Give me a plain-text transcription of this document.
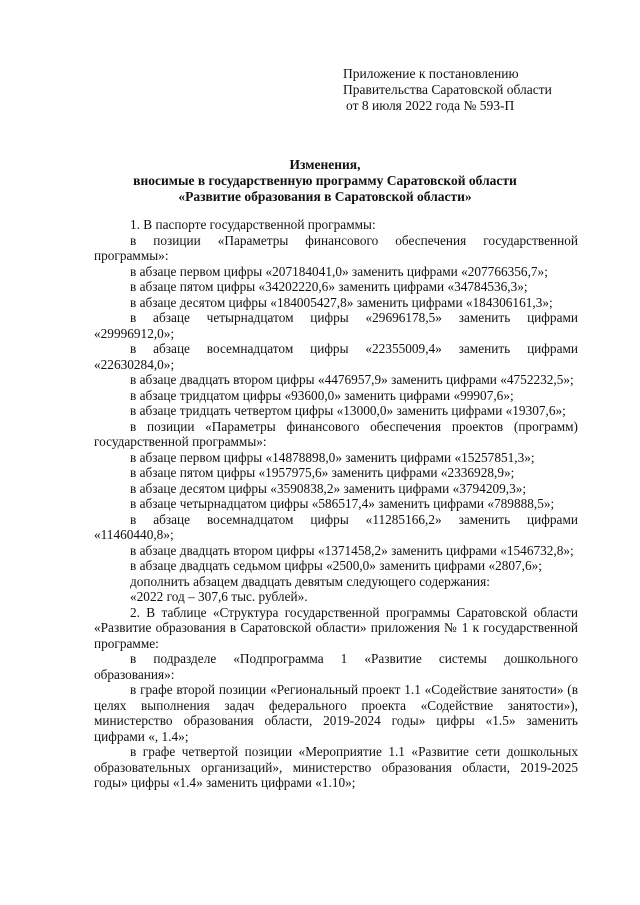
Приложение к постановлению
Правительства Саратовской области
от 8 июля 2022 года № 593-П
Изменения,
вносимые в государственную программу Саратовской области
«Развитие образования в Саратовской области»

1. В паспорте государственной программы:

в позиции «Параметры финансового обеспечения государственной программы»:

в абзаце первом цифры «207184041,0» заменить цифрами «207766356,7»;

в абзаце пятом цифры «34202220,6» заменить цифрами «34784536,3»;

в абзаце десятом цифры «184005427,8» заменить цифрами «184306161,3»;

в абзаце четырнадцатом цифры «29696178,5» заменить цифрами «29996912,0»;

в абзаце восемнадцатом цифры «22355009,4» заменить цифрами «22630284,0»;

в абзаце двадцать втором цифры «4476957,9» заменить цифрами «4752232,5»;

в абзаце тридцатом цифры «93600,0» заменить цифрами «99907,6»;

в абзаце тридцать четвертом цифры «13000,0» заменить цифрами «19307,6»;

в позиции «Параметры финансового обеспечения проектов (программ) государственной программы»:

в абзаце первом цифры «14878898,0» заменить цифрами «15257851,3»;

в абзаце пятом цифры «1957975,6» заменить цифрами «2336928,9»;

в абзаце десятом цифры «3590838,2» заменить цифрами «3794209,3»;

в абзаце четырнадцатом цифры «586517,4» заменить цифрами «789888,5»;

в абзаце восемнадцатом цифры «11285166,2» заменить цифрами «11460440,8»;

в абзаце двадцать втором цифры «1371458,2» заменить цифрами «1546732,8»;

в абзаце двадцать седьмом цифры «2500,0» заменить цифрами «2807,6»;

дополнить абзацем двадцать девятым следующего содержания:

«2022 год – 307,6 тыс. рублей».

2. В таблице «Структура государственной программы Саратовской области «Развитие образования в Саратовской области» приложения № 1 к государственной программе:

в подразделе «Подпрограмма 1 «Развитие системы дошкольного образования»:

в графе второй позиции «Региональный проект 1.1 «Содействие занятости» (в целях выполнения задач федерального проекта «Содействие занятости»), министерство образования области, 2019-2024 годы» цифры «1.5» заменить цифрами «, 1.4»;

в графе четвертой позиции «Мероприятие 1.1 «Развитие сети дошкольных образовательных организаций», министерство образования области, 2019-2025 годы» цифры «1.4» заменить цифрами «1.10»;
